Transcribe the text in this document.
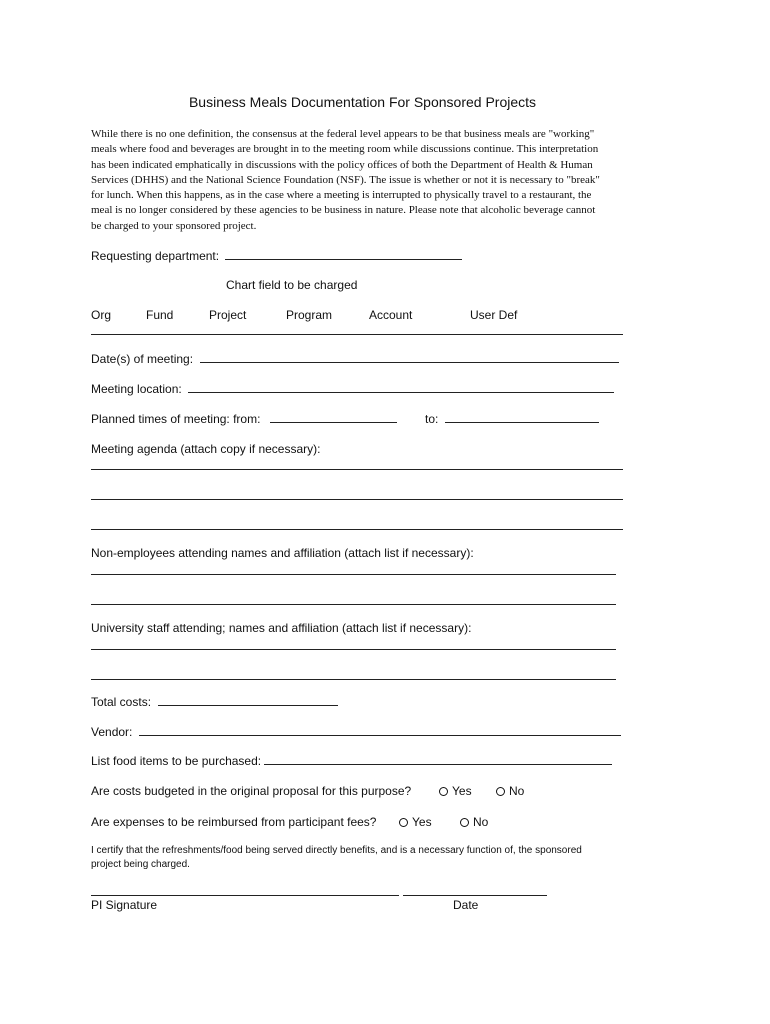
Business Meals Documentation For Sponsored Projects
While there is no one definition, the consensus at the federal level appears to be that business meals are "working"
meals where food and beverages are brought in to the meeting room while discussions continue. This interpretation
has been indicated emphatically in discussions with the policy offices of both the Department of Health & Human
Services (DHHS) and the National Science Foundation (NSF). The issue is whether or not it is necessary to "break"
for lunch. When this happens, as in the case where a meeting is interrupted to physically travel to a restaurant, the
meal is no longer considered by these agencies to be business in nature. Please note that alcoholic beverage cannot
be charged to your sponsored project.
Requesting department:
Chart field to be charged
Org	Fund	Project	Program	Account	User Def
Date(s) of meeting:
Meeting location:
Planned times of meeting: from:	to:
Meeting agenda (attach copy if necessary):
Non-employees attending names and affiliation (attach list if necessary):
University staff attending; names and affiliation (attach list if necessary):
Total costs:
Vendor:
List food items to be purchased:
Are costs budgeted in the original proposal for this purpose?	Yes	No
Are expenses to be reimbursed from participant fees?	Yes	No
I certify that the refreshments/food being served directly benefits, and is a necessary function of, the sponsored
project being charged.
PI Signature	Date
